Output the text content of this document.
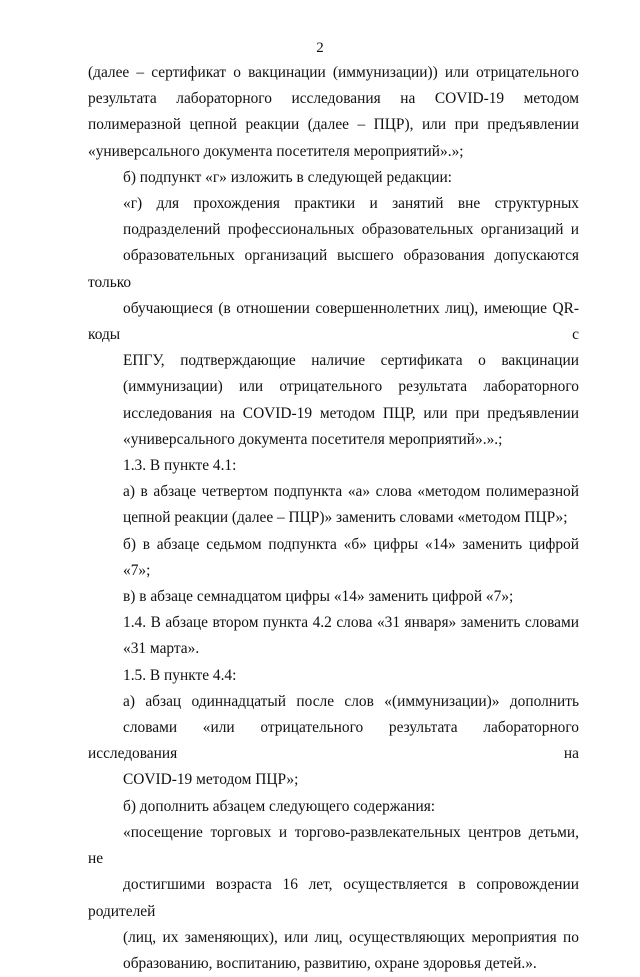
2
(далее – сертификат о вакцинации (иммунизации)) или отрицательного
результата лабораторного исследования на COVID-19 методом
полимеразной цепной реакции (далее – ПЦР), или при предъявлении
«универсального документа посетителя мероприятий».»;
б) подпункт «г» изложить в следующей редакции:
«г) для прохождения практики и занятий вне структурных
подразделений профессиональных образовательных организаций и
образовательных организаций высшего образования допускаются только
обучающиеся (в отношении совершеннолетних лиц), имеющие QR-коды с
ЕПГУ, подтверждающие наличие сертификата о вакцинации
(иммунизации) или отрицательного результата лабораторного
исследования на COVID-19 методом ПЦР, или при предъявлении
«универсального документа посетителя мероприятий».».;
1.3. В пункте 4.1:
а) в абзаце четвертом подпункта «а» слова «методом полимеразной
цепной реакции (далее – ПЦР)» заменить словами «методом ПЦР»;
б) в абзаце седьмом подпункта «б» цифры «14» заменить цифрой
«7»;
в) в абзаце семнадцатом цифры «14» заменить цифрой «7»;
1.4. В абзаце втором пункта 4.2 слова «31 января» заменить словами
«31 марта».
1.5. В пункте 4.4:
а) абзац одиннадцатый после слов «(иммунизации)» дополнить
словами «или отрицательного результата лабораторного исследования на
COVID-19 методом ПЦР»;
б) дополнить абзацем следующего содержания:
«посещение торговых и торгово-развлекательных центров детьми, не
достигшими возраста 16 лет, осуществляется в сопровождении родителей
(лиц, их заменяющих), или лиц, осуществляющих мероприятия по
образованию, воспитанию, развитию, охране здоровья детей.».
